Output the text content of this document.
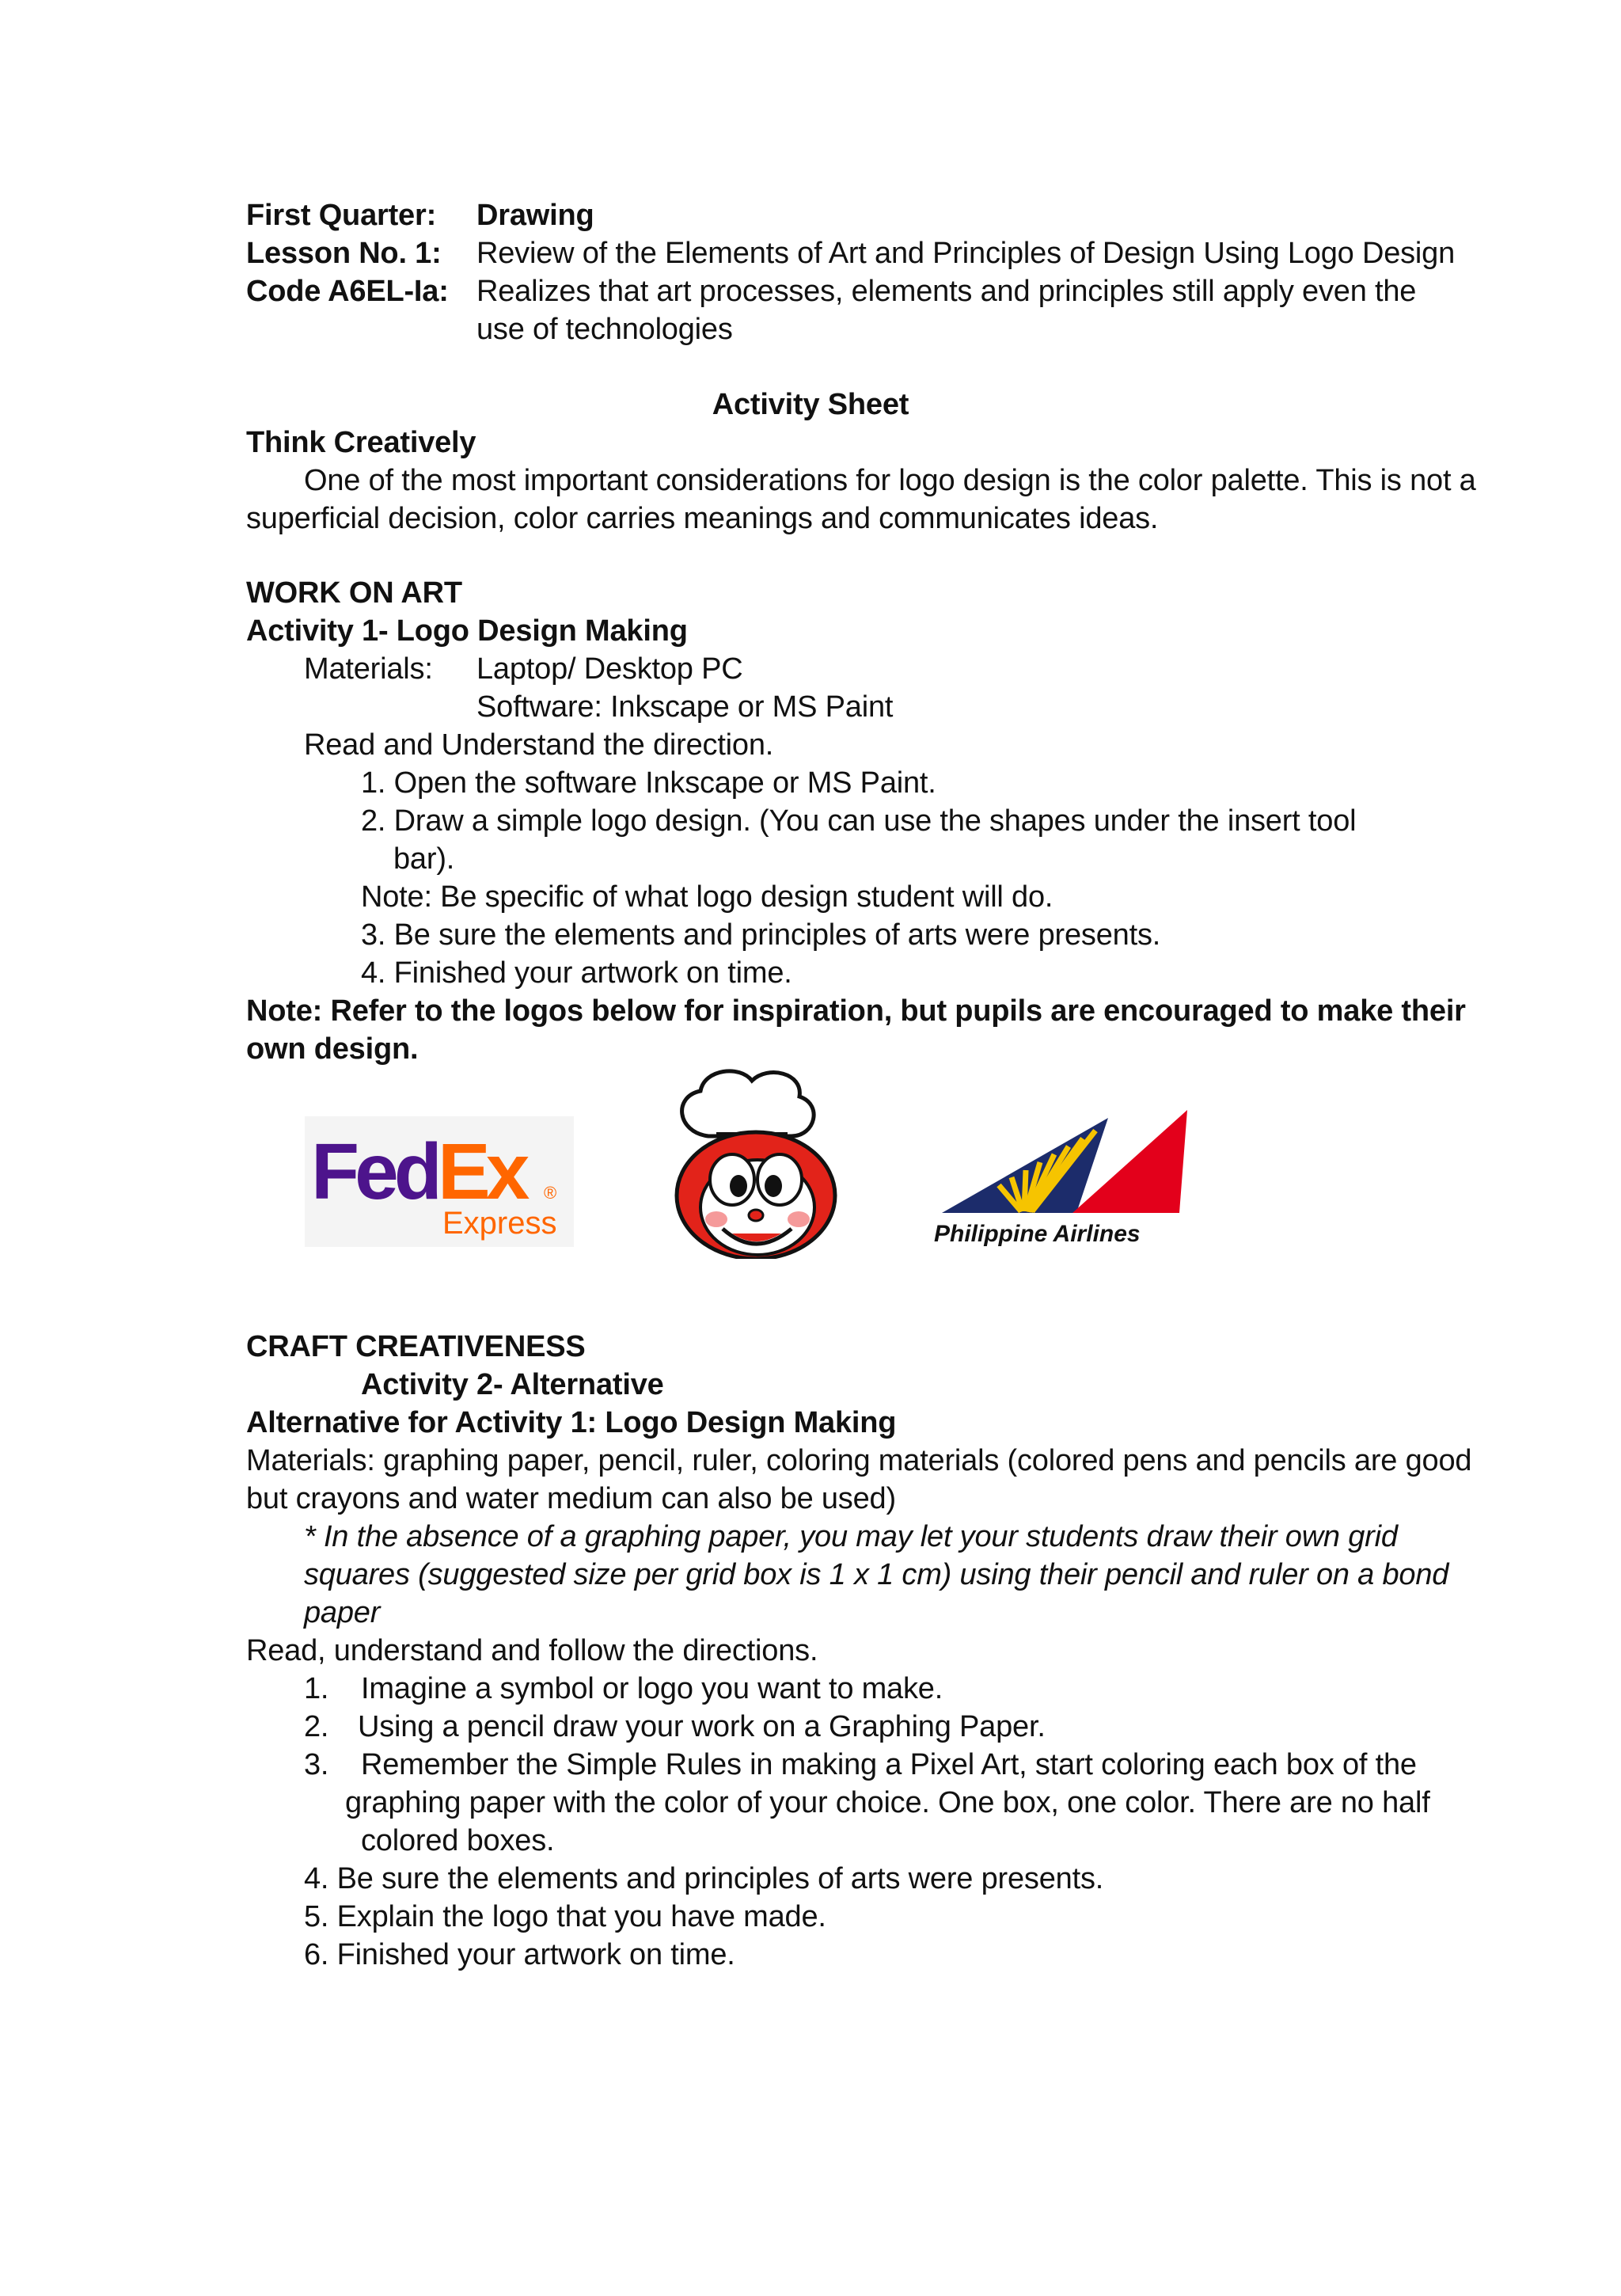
First Quarter: Drawing
Lesson No. 1: Review of the Elements of Art and Principles of Design Using Logo Design
Code A6EL-Ia: Realizes that art processes, elements and principles still apply even the
use of technologies
Activity Sheet
Think Creatively
One of the most important considerations for logo design is the color palette. This is not a
superficial decision, color carries meanings and communicates ideas.
WORK ON ART
Activity 1- Logo Design Making
Materials: Laptop/ Desktop PC
Software: Inkscape or MS Paint
Read and Understand the direction.
1. Open the software Inkscape or MS Paint.
2. Draw a simple logo design. (You can use the shapes under the insert tool
bar).
Note: Be specific of what logo design student will do.
3. Be sure the elements and principles of arts were presents.
4. Finished your artwork on time.
Note: Refer to the logos below for inspiration, but pupils are encouraged to make their
own design.
Fed Ex ®
Express	Philippine Airlines
CRAFT CREATIVENESS
Activity 2- Alternative
Alternative for Activity 1: Logo Design Making
Materials: graphing paper, pencil, ruler, coloring materials (colored pens and pencils are good
but crayons and water medium can also be used)
* In the absence of a graphing paper, you may let your students draw their own grid
squares (suggested size per grid box is 1 x 1 cm) using their pencil and ruler on a bond
paper
Read, understand and follow the directions.
1. Imagine a symbol or logo you want to make.
2. Using a pencil draw your work on a Graphing Paper.
3. Remember the Simple Rules in making a Pixel Art, start coloring each box of the
graphing paper with the color of your choice. One box, one color. There are no half
colored boxes.
4. Be sure the elements and principles of arts were presents.
5. Explain the logo that you have made.
6. Finished your artwork on time.
